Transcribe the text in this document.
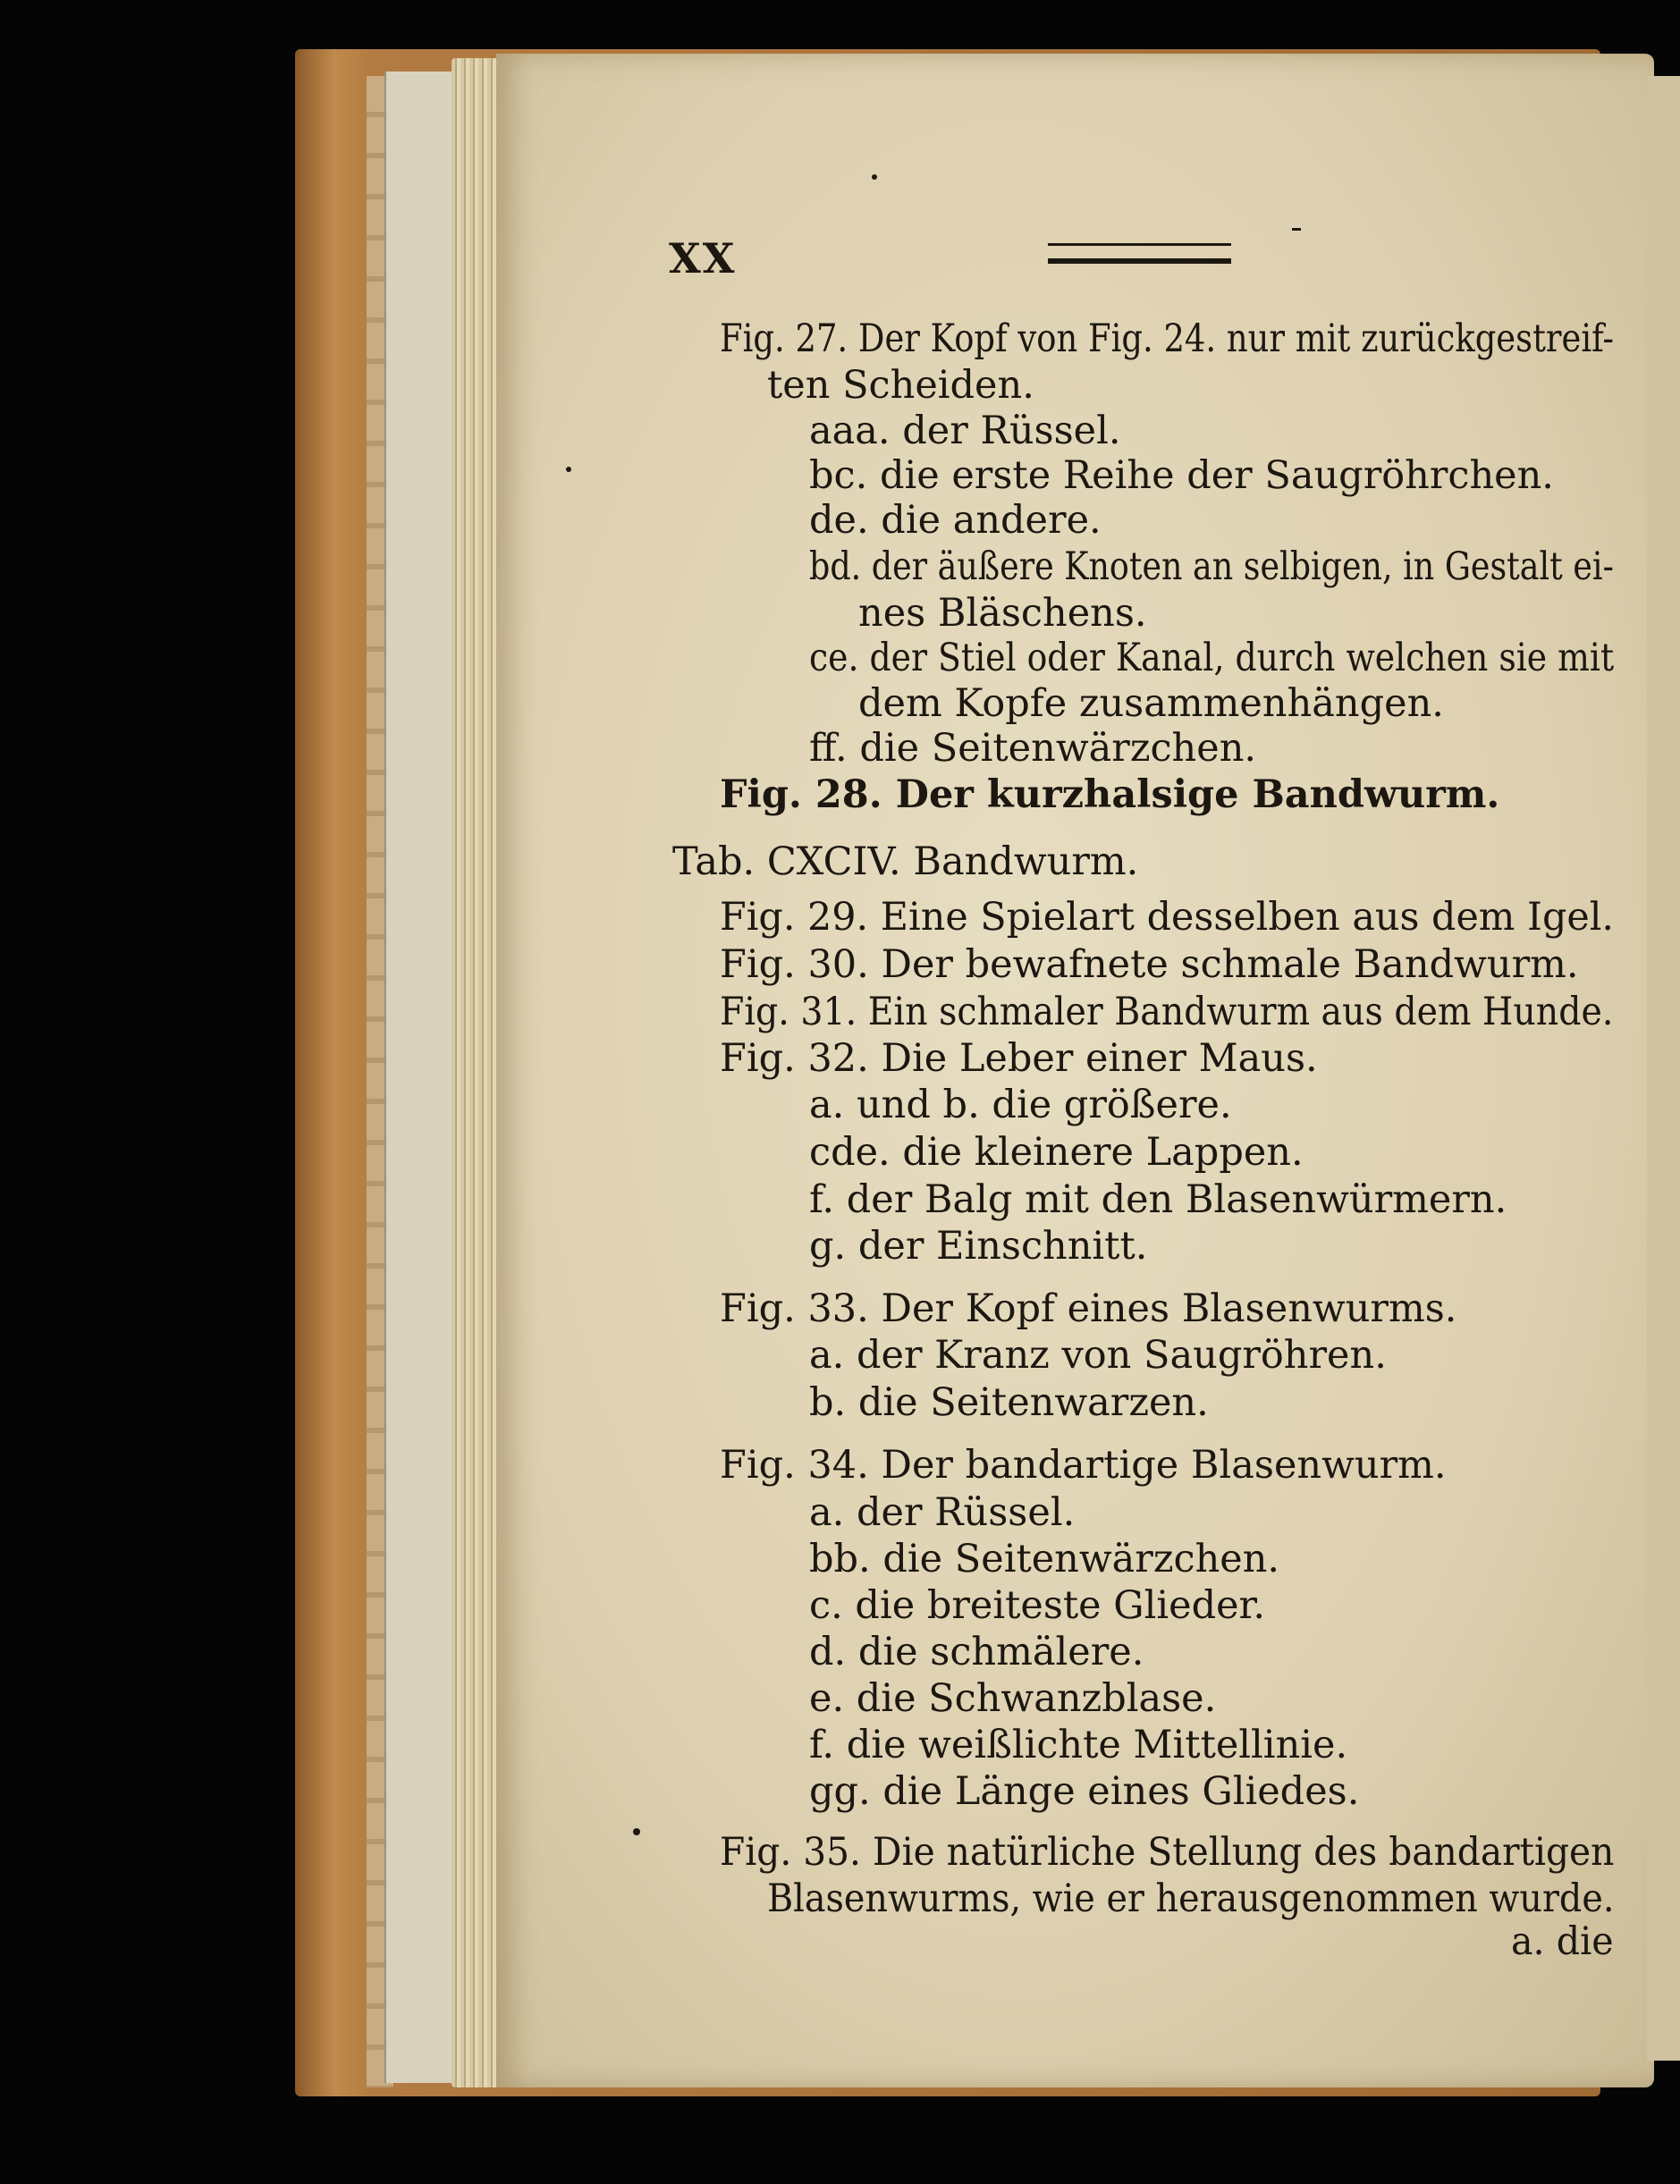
XX
Fig. 27. Der Kopf von Fig. 24. nur mit zurückgestreif-
ten Scheiden.
aaa. der Rüssel.
bc. die erste Reihe der Saugröhrchen.
de. die andere.
bd. der äußere Knoten an selbigen, in Gestalt ei-
nes Bläschens.
ce. der Stiel oder Kanal, durch welchen sie mit
dem Kopfe zusammenhängen.
ff. die Seitenwärzchen.
Fig. 28. Der kurzhalsige Bandwurm.
Tab. CXCIV. Bandwurm.
Fig. 29. Eine Spielart desselben aus dem Igel.
Fig. 30. Der bewafnete schmale Bandwurm.
Fig. 31. Ein schmaler Bandwurm aus dem Hunde.
Fig. 32. Die Leber einer Maus.
a. und b. die größere.
cde. die kleinere Lappen.
f. der Balg mit den Blasenwürmern.
g. der Einschnitt.
Fig. 33. Der Kopf eines Blasenwurms.
a. der Kranz von Saugröhren.
b. die Seitenwarzen.
Fig. 34. Der bandartige Blasenwurm.
a. der Rüssel.
bb. die Seitenwärzchen.
c. die breiteste Glieder.
d. die schmälere.
e. die Schwanzblase.
f. die weißlichte Mittellinie.
gg. die Länge eines Gliedes.
Fig. 35. Die natürliche Stellung des bandartigen
Blasenwurms, wie er herausgenommen wurde.
a. die
